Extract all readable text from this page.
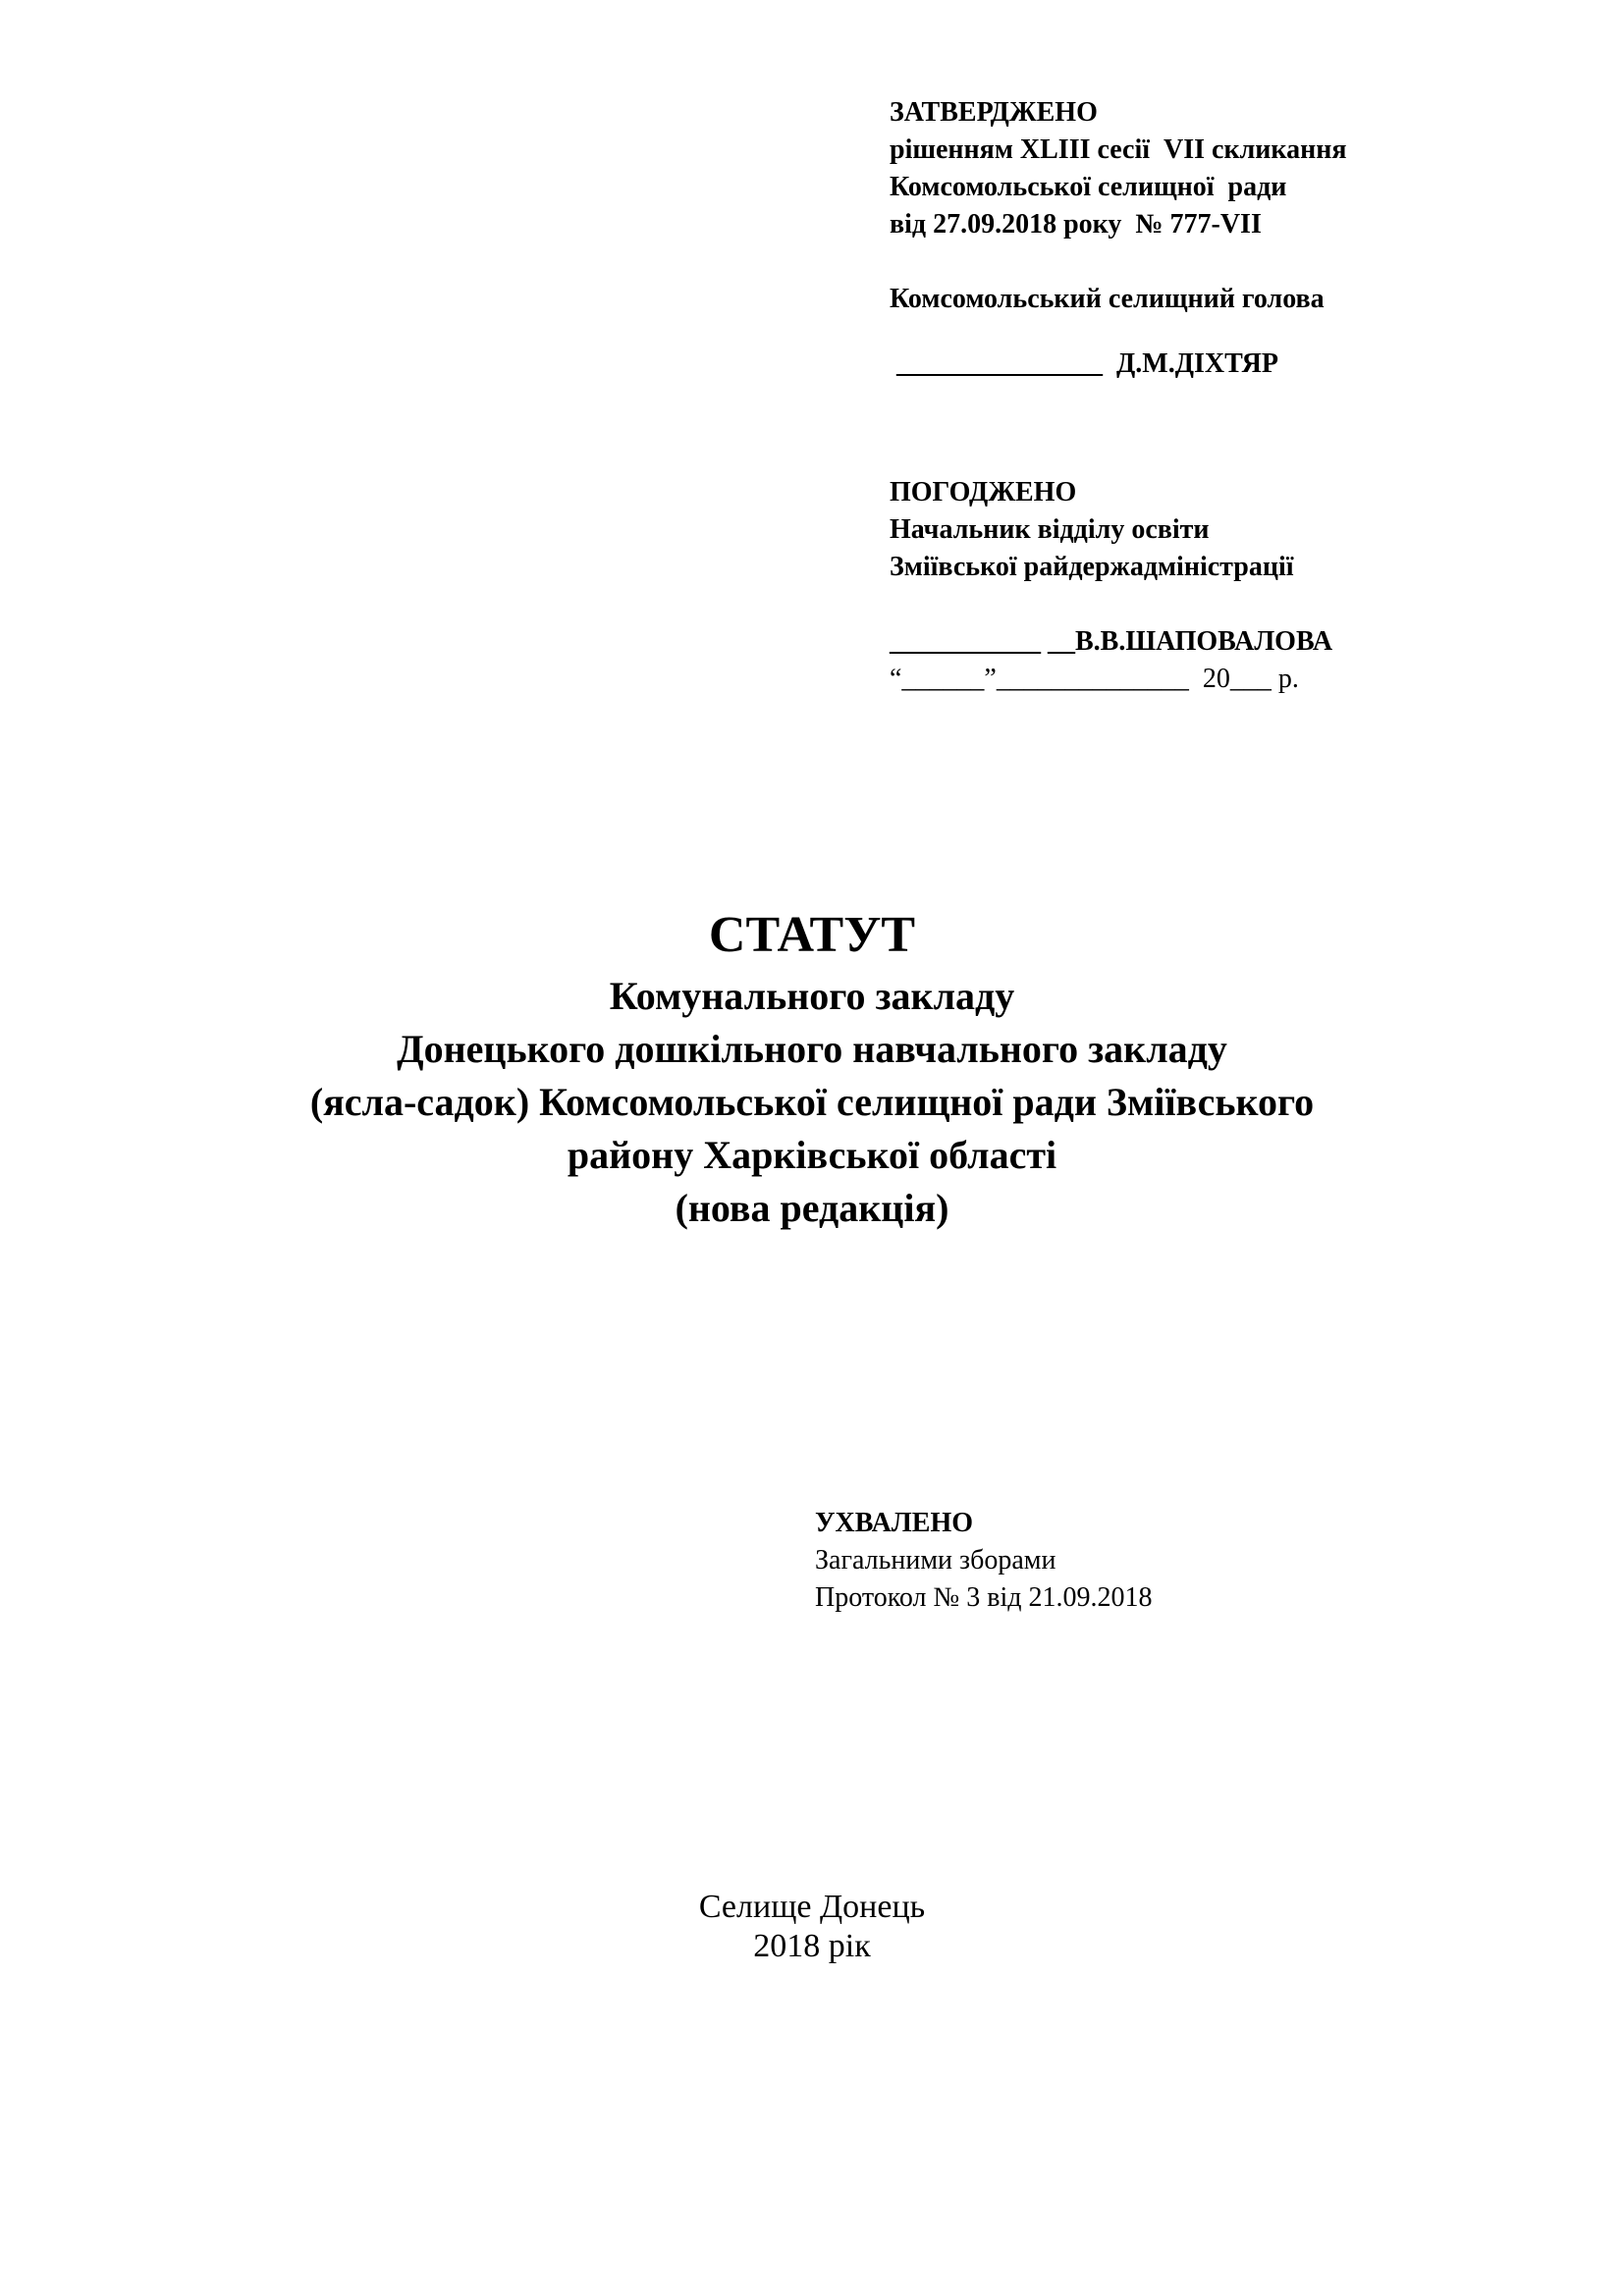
ЗАТВЕРДЖЕНО
рішенням XLIII сесії  VII скликання
Комсомольської селищної  ради
від 27.09.2018 року  № 777-VII
Комсомольський селищний голова
_______________  Д.М.ДІХТЯР
ПОГОДЖЕНО
Начальник відділу освіти
Зміївської райдержадміністрації
___________ __В.В.ШАПОВАЛОВА
“______”______________  20___ р.
СТАТУТ
Комунального закладу
Донецького дошкільного навчального закладу
(ясла-садок) Комсомольської селищної ради Зміївського
району Харківської області
(нова редакція)
УХВАЛЕНО
Загальними зборами
Протокол № 3 від 21.09.2018
Селище Донець
2018 рік
